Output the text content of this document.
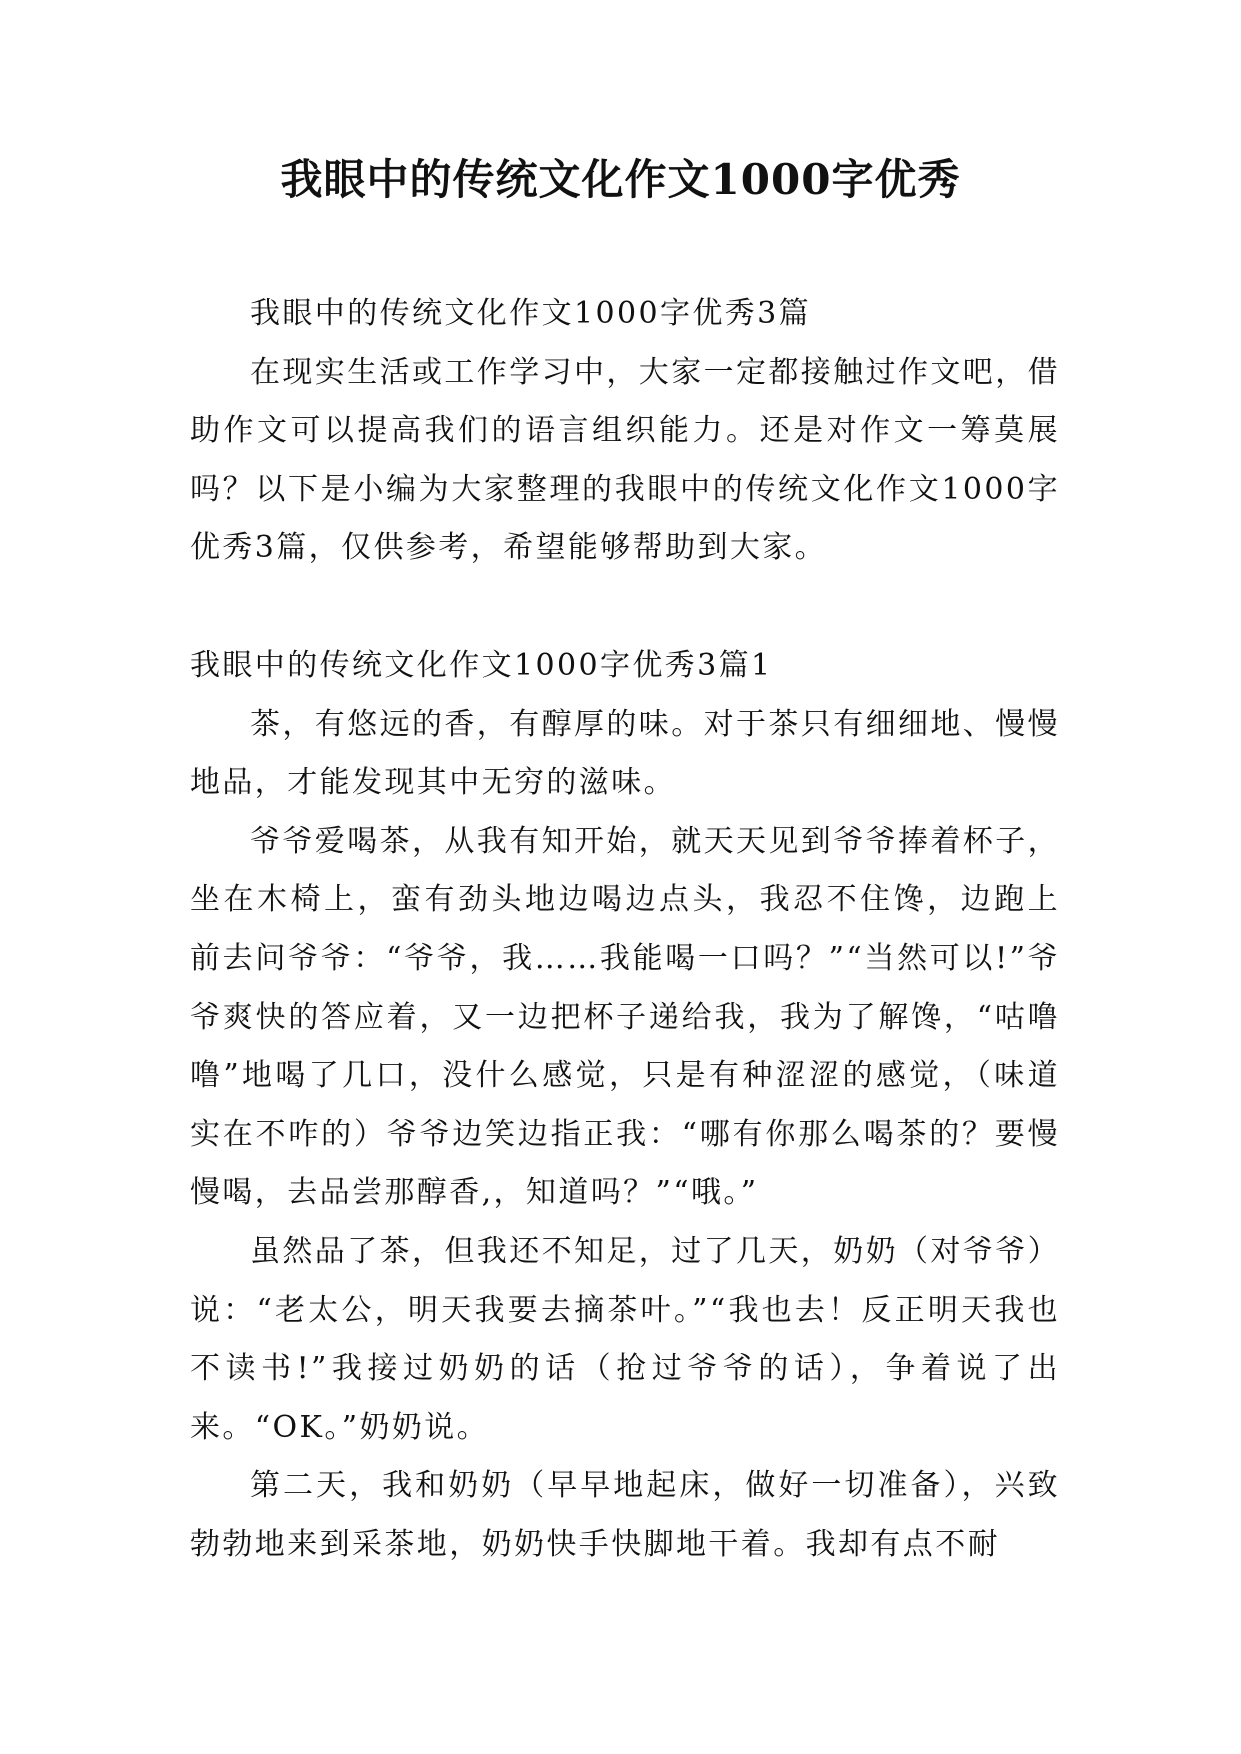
我眼中的传统文化作文1000字优秀

我眼中的传统文化作文1000字优秀3篇

在现实生活或工作学习中，大家一定都接触过作文吧，借助作文可以提高我们的语言组织能力。还是对作文一筹莫展吗？以下是小编为大家整理的我眼中的传统文化作文1000字优秀3篇，仅供参考，希望能够帮助到大家。

我眼中的传统文化作文1000字优秀3篇1

茶，有悠远的香，有醇厚的味。对于茶只有细细地、慢慢地品，才能发现其中无穷的滋味。

爷爷爱喝茶，从我有知开始，就天天见到爷爷捧着杯子，坐在木椅上，蛮有劲头地边喝边点头，我忍不住馋，边跑上前去问爷爷：“爷爷，我……我能喝一口吗？”“当然可以!”爷爷爽快的答应着，又一边把杯子递给我，我为了解馋，“咕噜噜”地喝了几口，没什么感觉，只是有种涩涩的感觉，（味道实在不咋的）爷爷边笑边指正我：“哪有你那么喝茶的？要慢慢喝，去品尝那醇香,，知道吗？”“哦。”

虽然品了茶，但我还不知足，过了几天，奶奶（对爷爷）说：“老太公，明天我要去摘茶叶。”“我也去！反正明天我也不读书!”我接过奶奶的话（抢过爷爷的话），争着说了出来。“OK。”奶奶说。

第二天，我和奶奶（早早地起床，做好一切准备），兴致勃勃地来到采茶地，奶奶快手快脚地干着。我却有点不耐
